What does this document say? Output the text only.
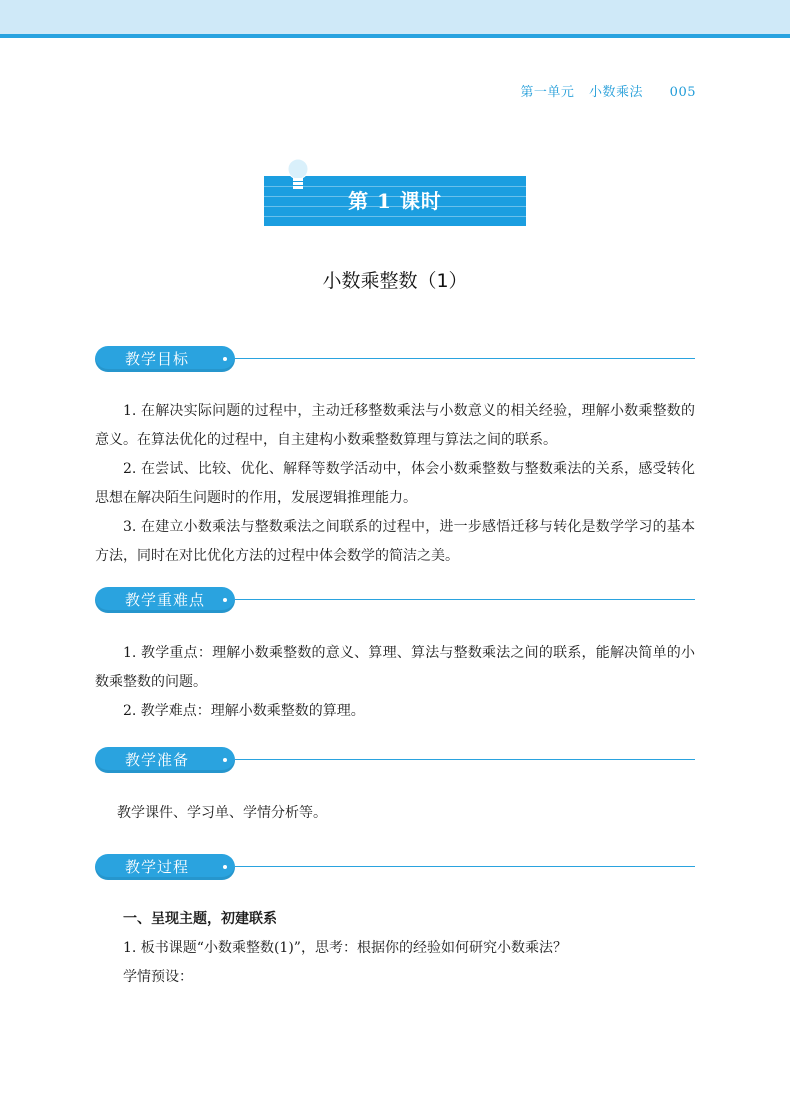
第一单元 小数乘法 005
第 1 课时
小数乘整数（1）
教学目标

1. 在解决实际问题的过程中，主动迁移整数乘法与小数意义的相关经验，理解小数乘整数的意义。在算法优化的过程中，自主建构小数乘整数算理与算法之间的联系。

2. 在尝试、比较、优化、解释等数学活动中，体会小数乘整数与整数乘法的关系，感受转化思想在解决陌生问题时的作用，发展逻辑推理能力。

3. 在建立小数乘法与整数乘法之间联系的过程中，进一步感悟迁移与转化是数学学习的基本方法，同时在对比优化方法的过程中体会数学的简洁之美。

教学重难点

1. 教学重点：理解小数乘整数的意义、算理、算法与整数乘法之间的联系，能解决简单的小数乘整数的问题。

2. 教学难点：理解小数乘整数的算理。

教学准备

教学课件、学习单、学情分析等。

教学过程

一、呈现主题，初建联系

1. 板书课题“小数乘整数(1)”，思考：根据你的经验如何研究小数乘法？

学情预设：
